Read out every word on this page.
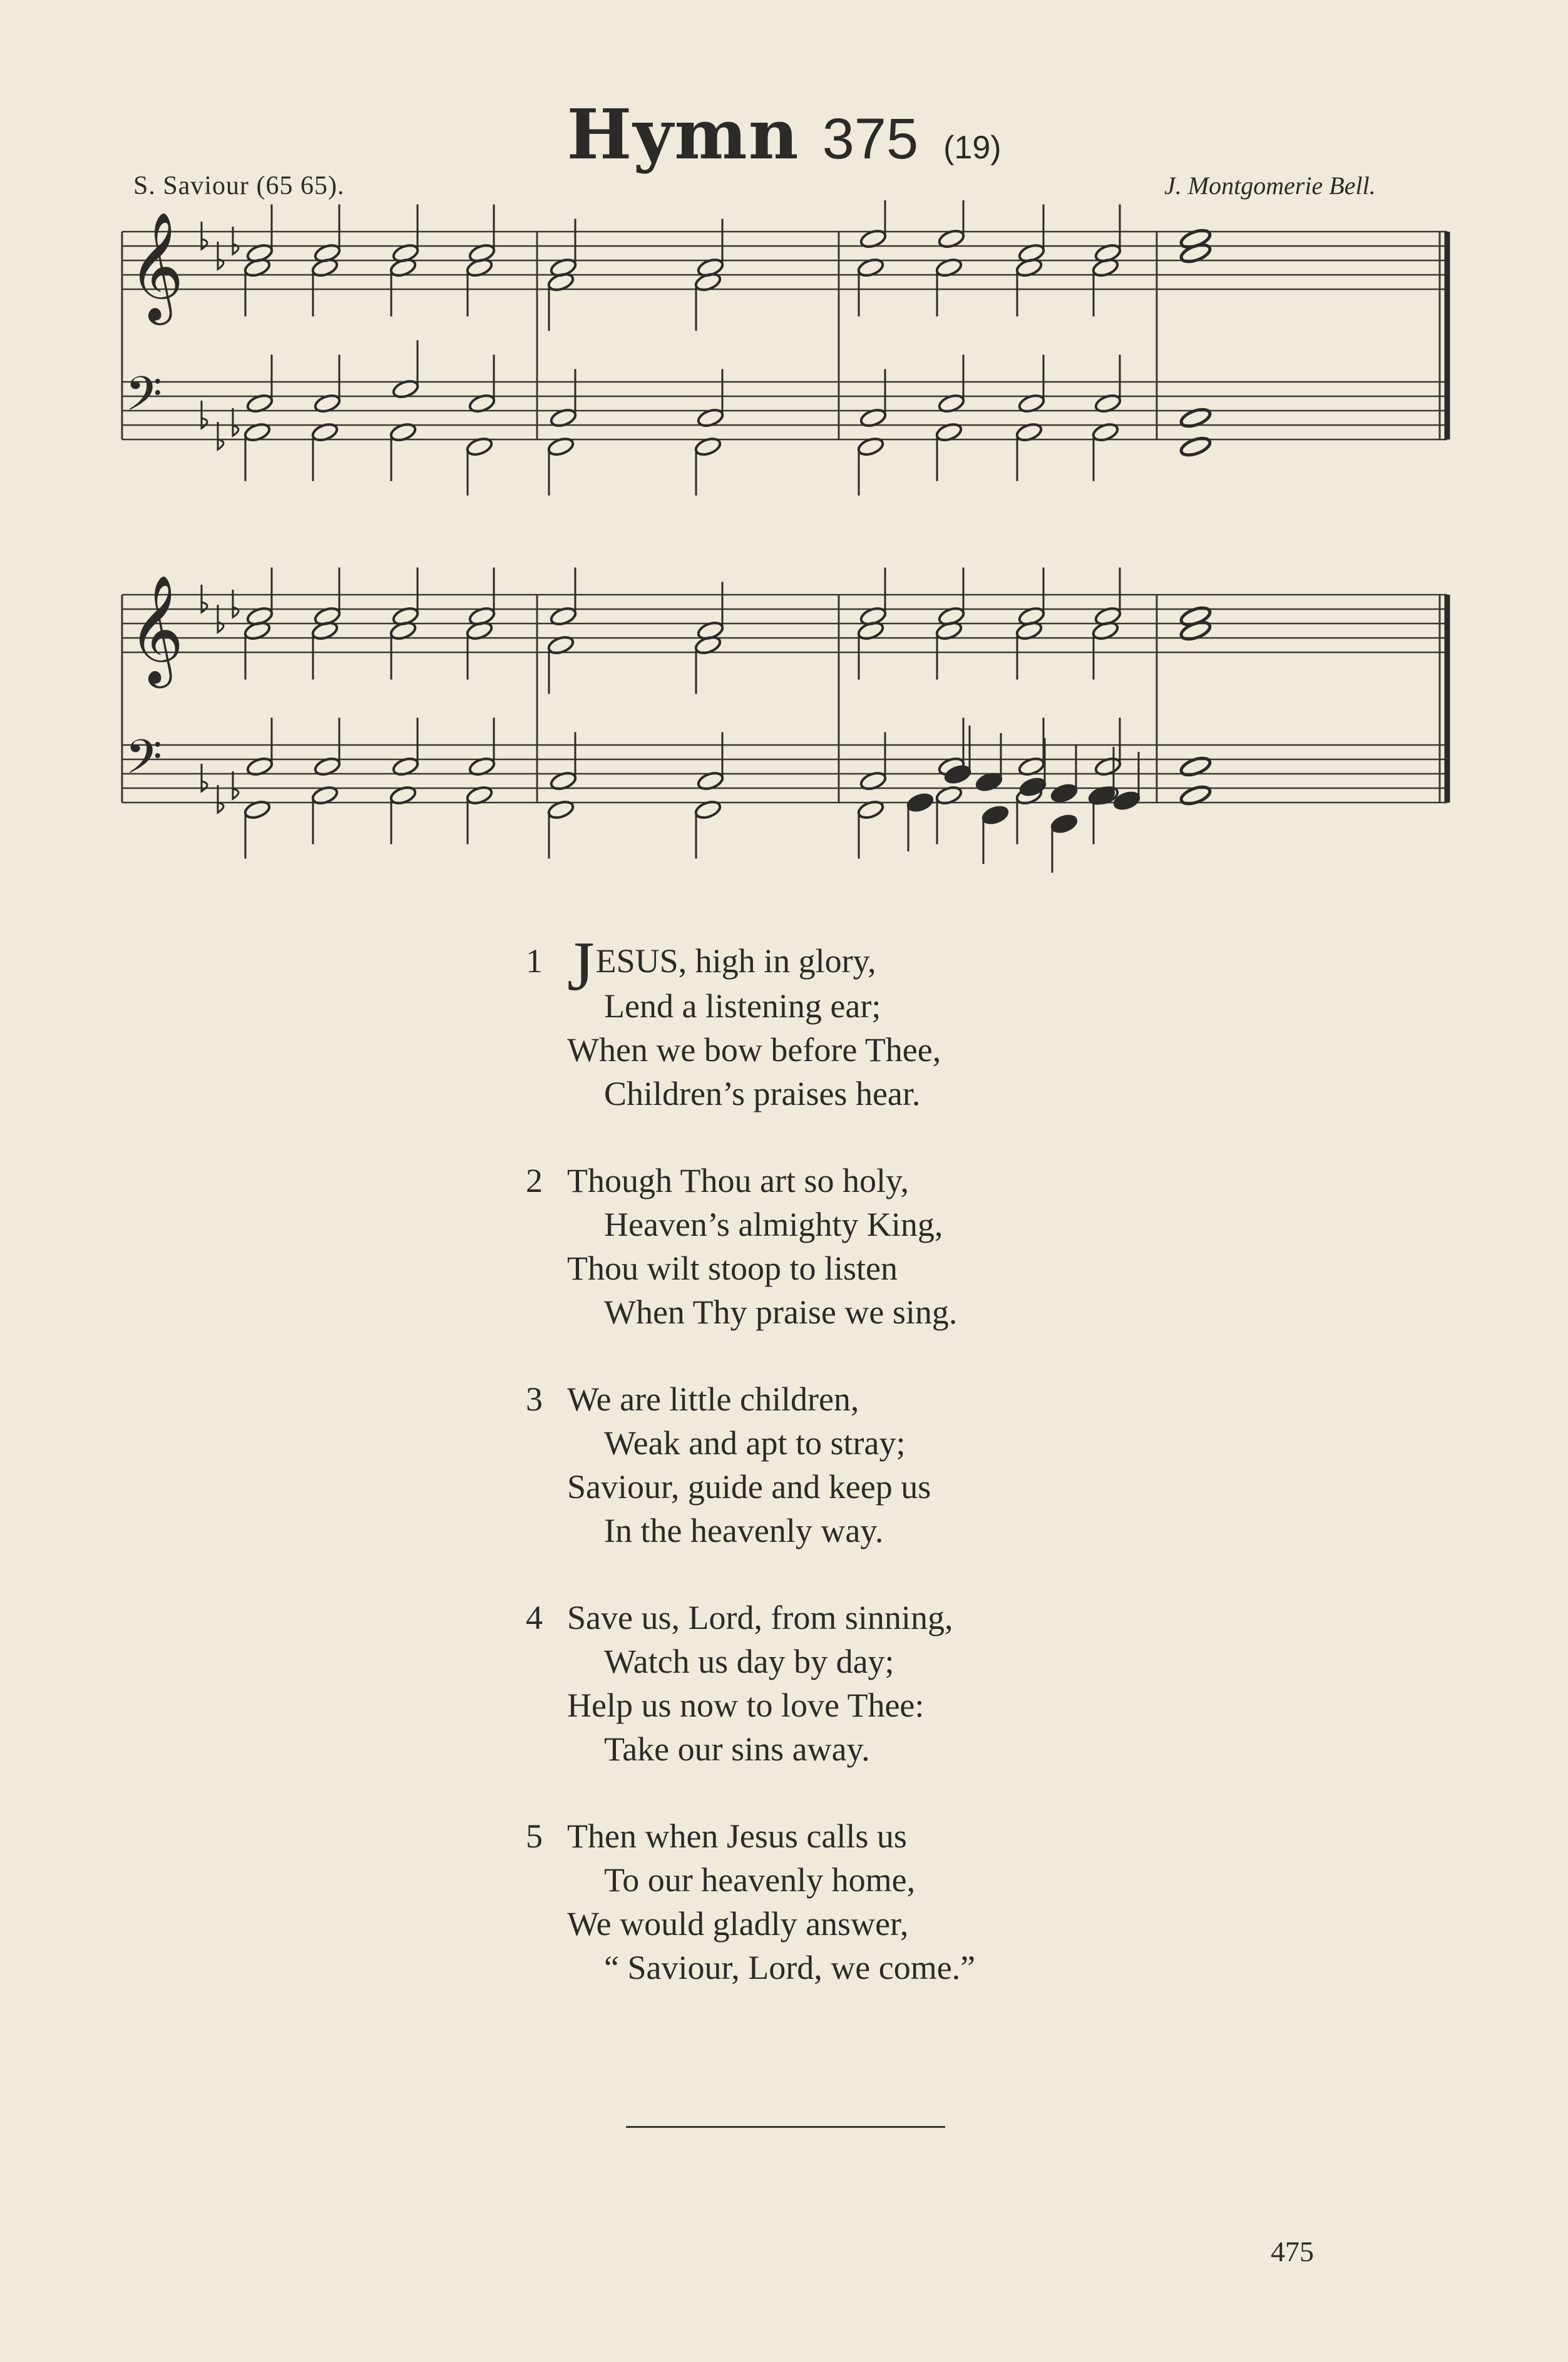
Hymn 375 (19)
S. Saviour (65 65).	J. Montgomerie Bell.
𝄞
𝄢
𝄞
𝄢
1 JESUS, high in glory,
Lend a listening ear;
When we bow before Thee,
Children’s praises hear.
2 Though Thou art so holy,
Heaven’s almighty King,
Thou wilt stoop to listen
When Thy praise we sing.
3 We are little children,
Weak and apt to stray;
Saviour, guide and keep us
In the heavenly way.
4 Save us, Lord, from sinning,
Watch us day by day;
Help us now to love Thee:
Take our sins away.
5 Then when Jesus calls us
To our heavenly home,
We would gladly answer,
“ Saviour, Lord, we come.”
475
